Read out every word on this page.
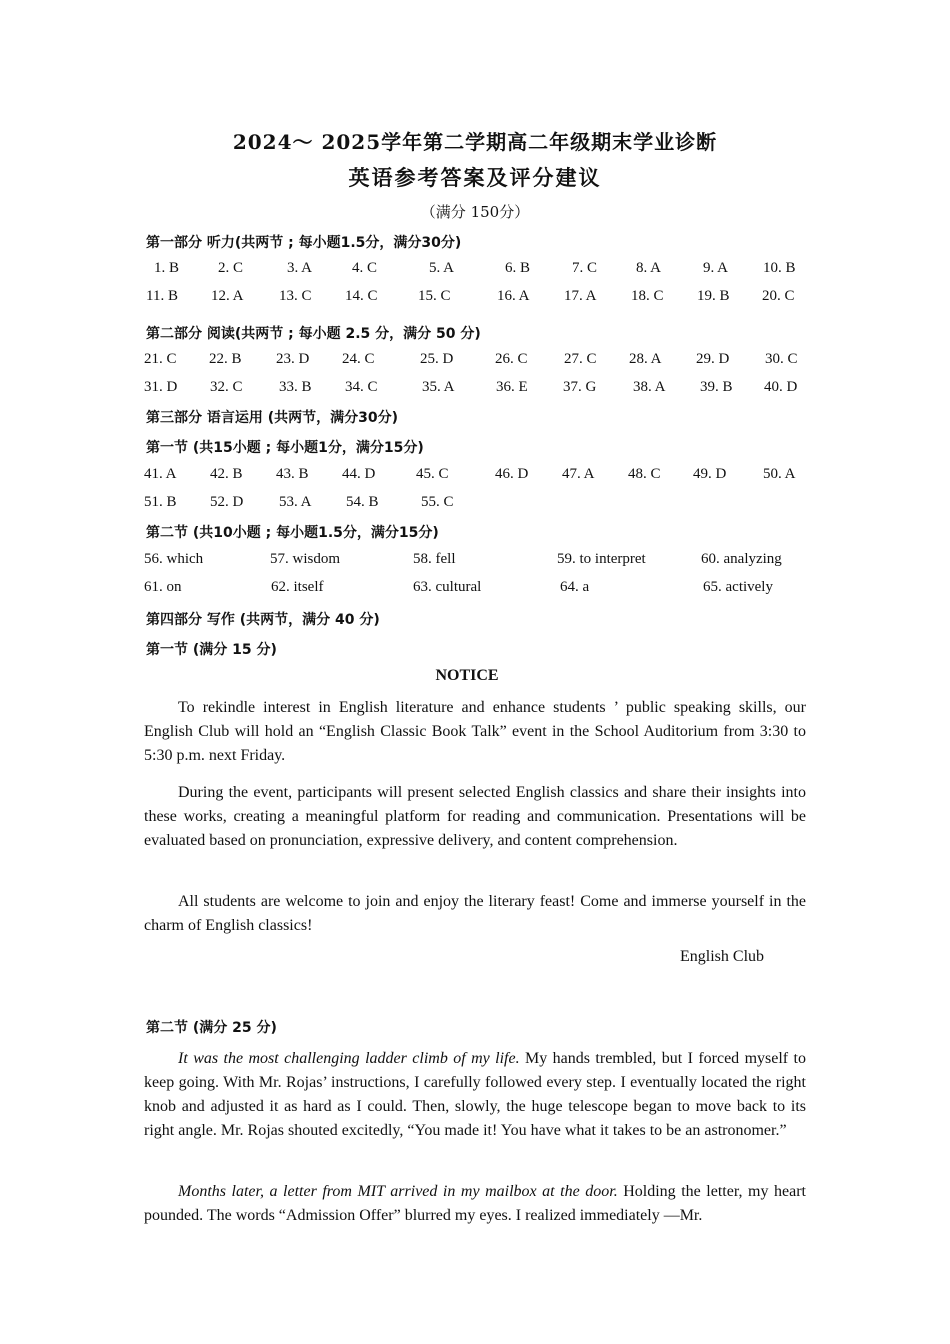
2024～ 2025学年第二学期高二年级期末学业诊断
英语参考答案及评分建议
（满分 150分）
第一部分 听力(共两节 ; 每小题1.5分，满分30分)
1. B	2. C	3. A	4. C	5. A	6. B	7. C	8. A	9. A 10. B
11. B 12. A 13. C 14. C	15. C	16. A 17. A 18. C 19. B 20. C
第二部分 阅读(共两节 ; 每小题 2.5 分，满分 50 分)
21. C 22. B 23. D 24. C	25. D	26. C 27. C 28. A 29. D 30. C
31. D 32. C 33. B 34. C	35. A	36. E 37. G 38. A 39. B 40. D
第三部分 语言运用 (共两节，满分30分)
第一节 (共15小题 ; 每小题1分，满分15分)
41. A 42. B 43. B 44. D	45. C	46. D 47. A 48. C 49. D 50. A
51. B 52. D 53. A 54. B	55. C
第二节 (共10小题 ; 每小题1.5分，满分15分)
56. which	57. wisdom	58. fell	59. to interpret	60. analyzing
61. on	62. itself	63. cultural	64. a	65. actively
第四部分 写作 (共两节，满分 40 分)
第一节 (满分 15 分)
NOTICE

To rekindle interest in English literature and enhance students ’ public speaking skills, our English Club will hold an “English Classic Book Talk” event in the School Auditorium from 3:30 to 5:30 p.m. next Friday.

During the event, participants will present selected English classics and share their insights into these works, creating a meaningful platform for reading and communication. Presentations will be evaluated based on pronunciation, expressive delivery, and content comprehension.

All students are welcome to join and enjoy the literary feast! Come and immerse yourself in the charm of English classics!

English Club
第二节 (满分 25 分)

It was the most challenging ladder climb of my life. My hands trembled, but I forced myself to keep going. With Mr. Rojas’ instructions, I carefully followed every step. I eventually located the right knob and adjusted it as hard as I could. Then, slowly, the huge telescope began to move back to its right angle. Mr. Rojas shouted excitedly, “You made it! You have what it takes to be an astronomer.”

Months later, a letter from MIT arrived in my mailbox at the door. Holding the letter, my heart pounded. The words “Admission Offer” blurred my eyes. I realized immediately —Mr.
